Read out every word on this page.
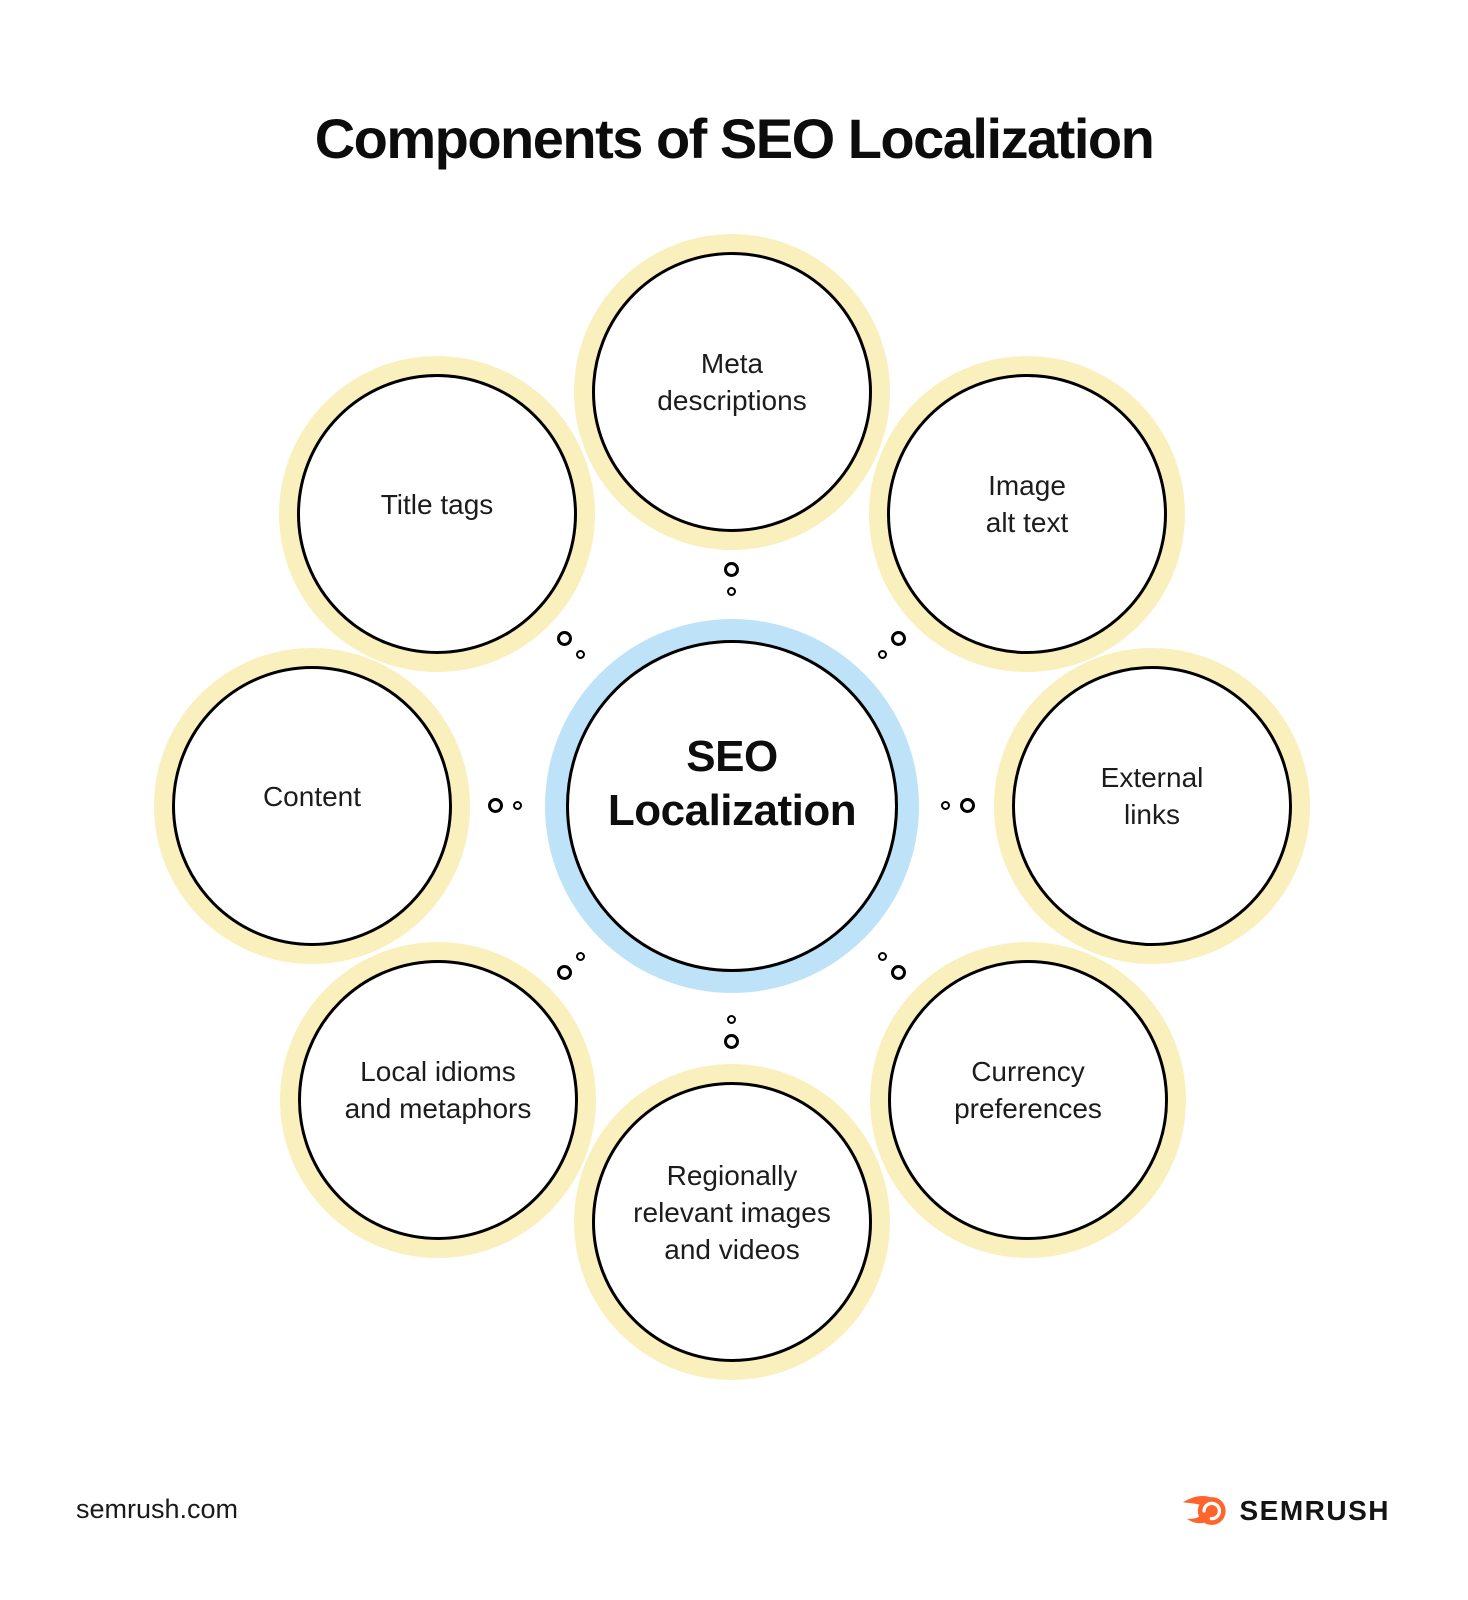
Components of SEO Localization
Meta
descriptions
Image
alt text
External
links
Currency
preferences
Regionally
relevant images
and videos
Local idioms
and metaphors
Content
Title tags
SEO
Localization
semrush.com	SEMRUSH
